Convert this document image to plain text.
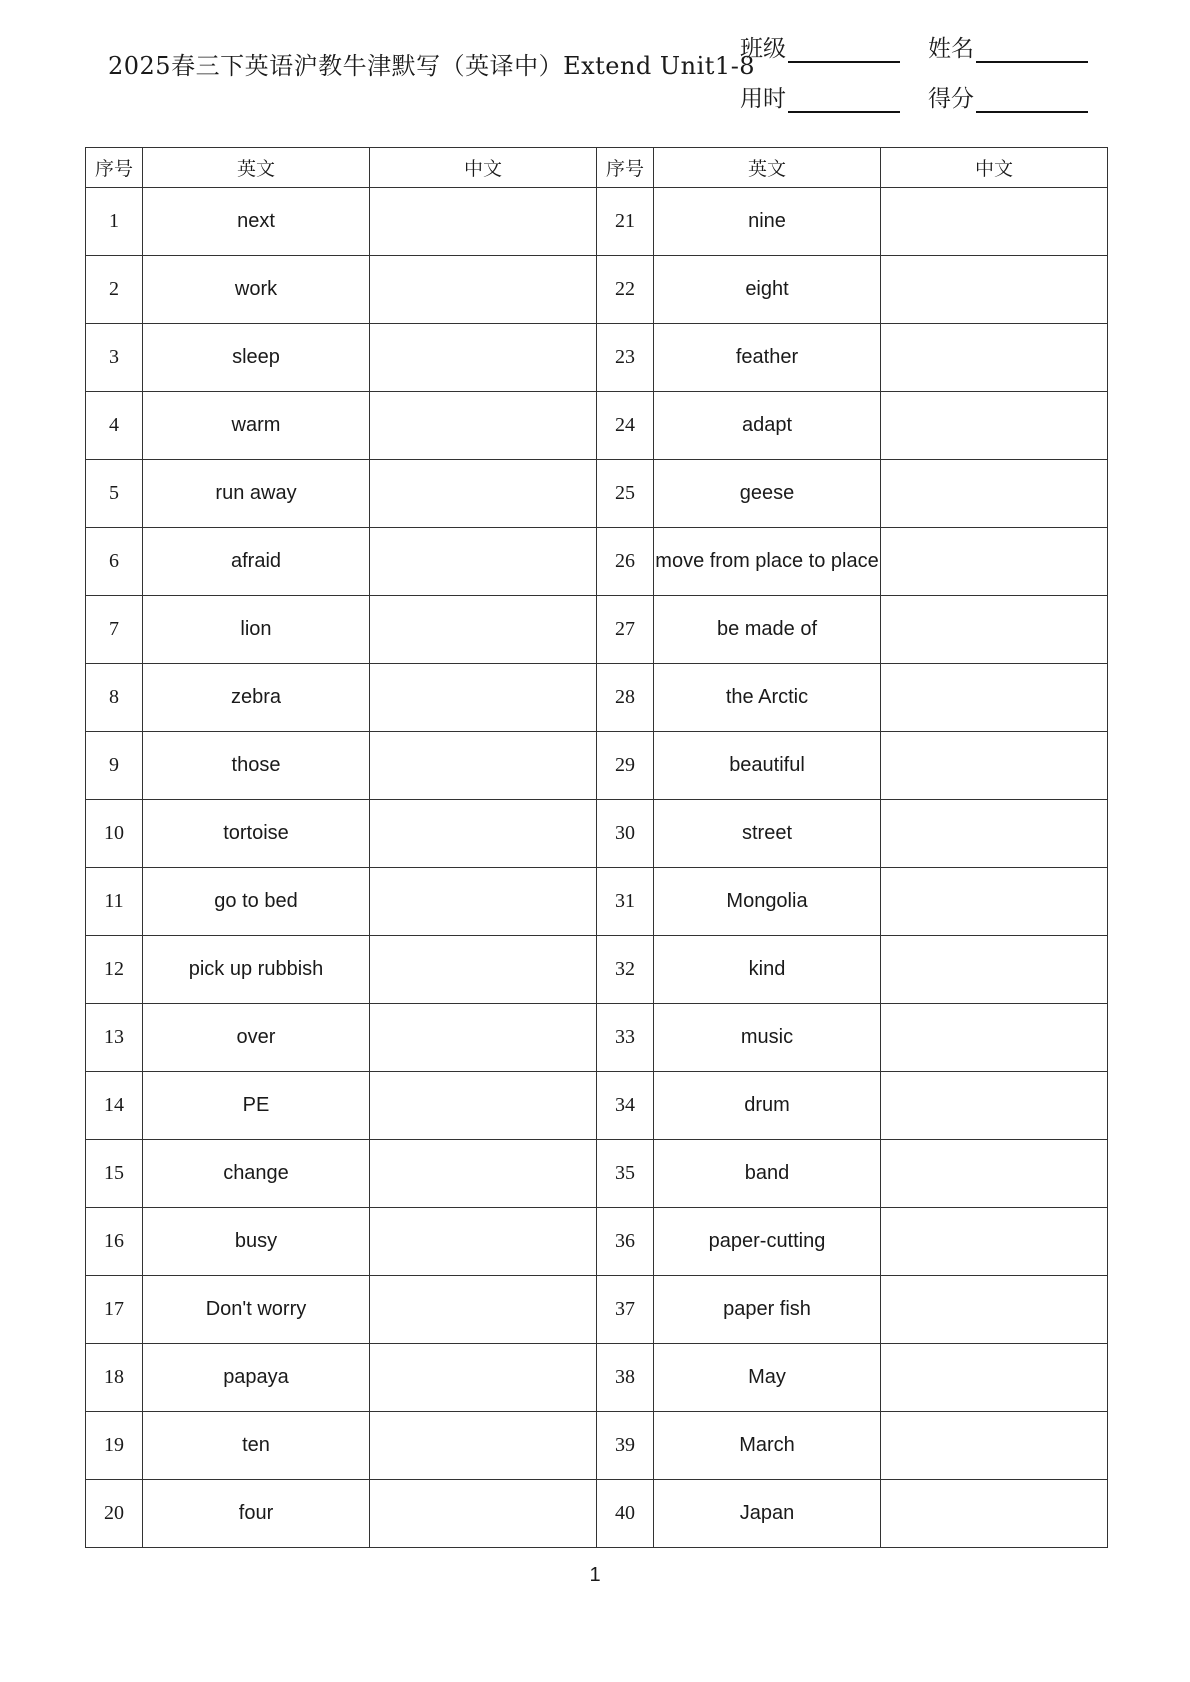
2025春三下英语沪教牛津默写（英译中）Extend Unit1-8
班级	姓名
用时	得分
序号	英文	中文	序号	英文	中文
1	next		21	nine	
2	work		22	eight	
3	sleep		23	feather	
4	warm		24	adapt	
5	run away		25	geese	
6	afraid		26	move from place to place	
7	lion		27	be made of	
8	zebra		28	the Arctic	
9	those		29	beautiful	
10	tortoise		30	street	
11	go to bed		31	Mongolia	
12	pick up rubbish		32	kind	
13	over		33	music	
14	PE		34	drum	
15	change		35	band	
16	busy		36	paper-cutting	
17	Don't worry		37	paper fish	
18	papaya		38	May	
19	ten		39	March	
20	four		40	Japan	
1
